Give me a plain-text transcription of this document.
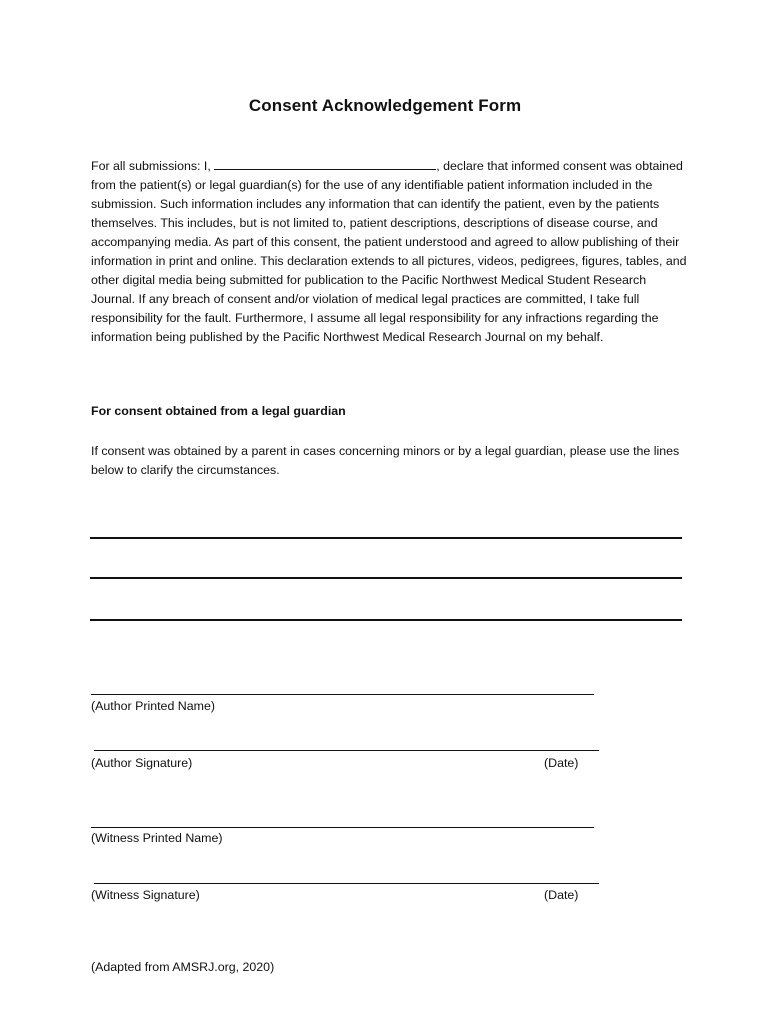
Consent Acknowledgement Form
For all submissions: I,	, declare that informed consent was obtained from the patient(s) or legal guardian(s) for the use of any identifiable patient information included in the submission. Such information includes any information that can identify the patient, even by the patients themselves. This includes, but is not limited to, patient descriptions, descriptions of disease course, and accompanying media. As part of this consent, the patient understood and agreed to allow publishing of their information in print and online. This declaration extends to all pictures, videos, pedigrees, figures, tables, and other digital media being submitted for publication to the Pacific Northwest Medical Student Research Journal. If any breach of consent and/or violation of medical legal practices are committed, I take full responsibility for the fault. Furthermore, I assume all legal responsibility for any infractions regarding the information being published by the Pacific Northwest Medical Research Journal on my behalf.
For consent obtained from a legal guardian
If consent was obtained by a parent in cases concerning minors or by a legal guardian, please use the lines below to clarify the circumstances.
(Author Printed Name)
(Author Signature)	(Date)
(Witness Printed Name)
(Witness Signature)	(Date)
(Adapted from AMSRJ.org, 2020)
